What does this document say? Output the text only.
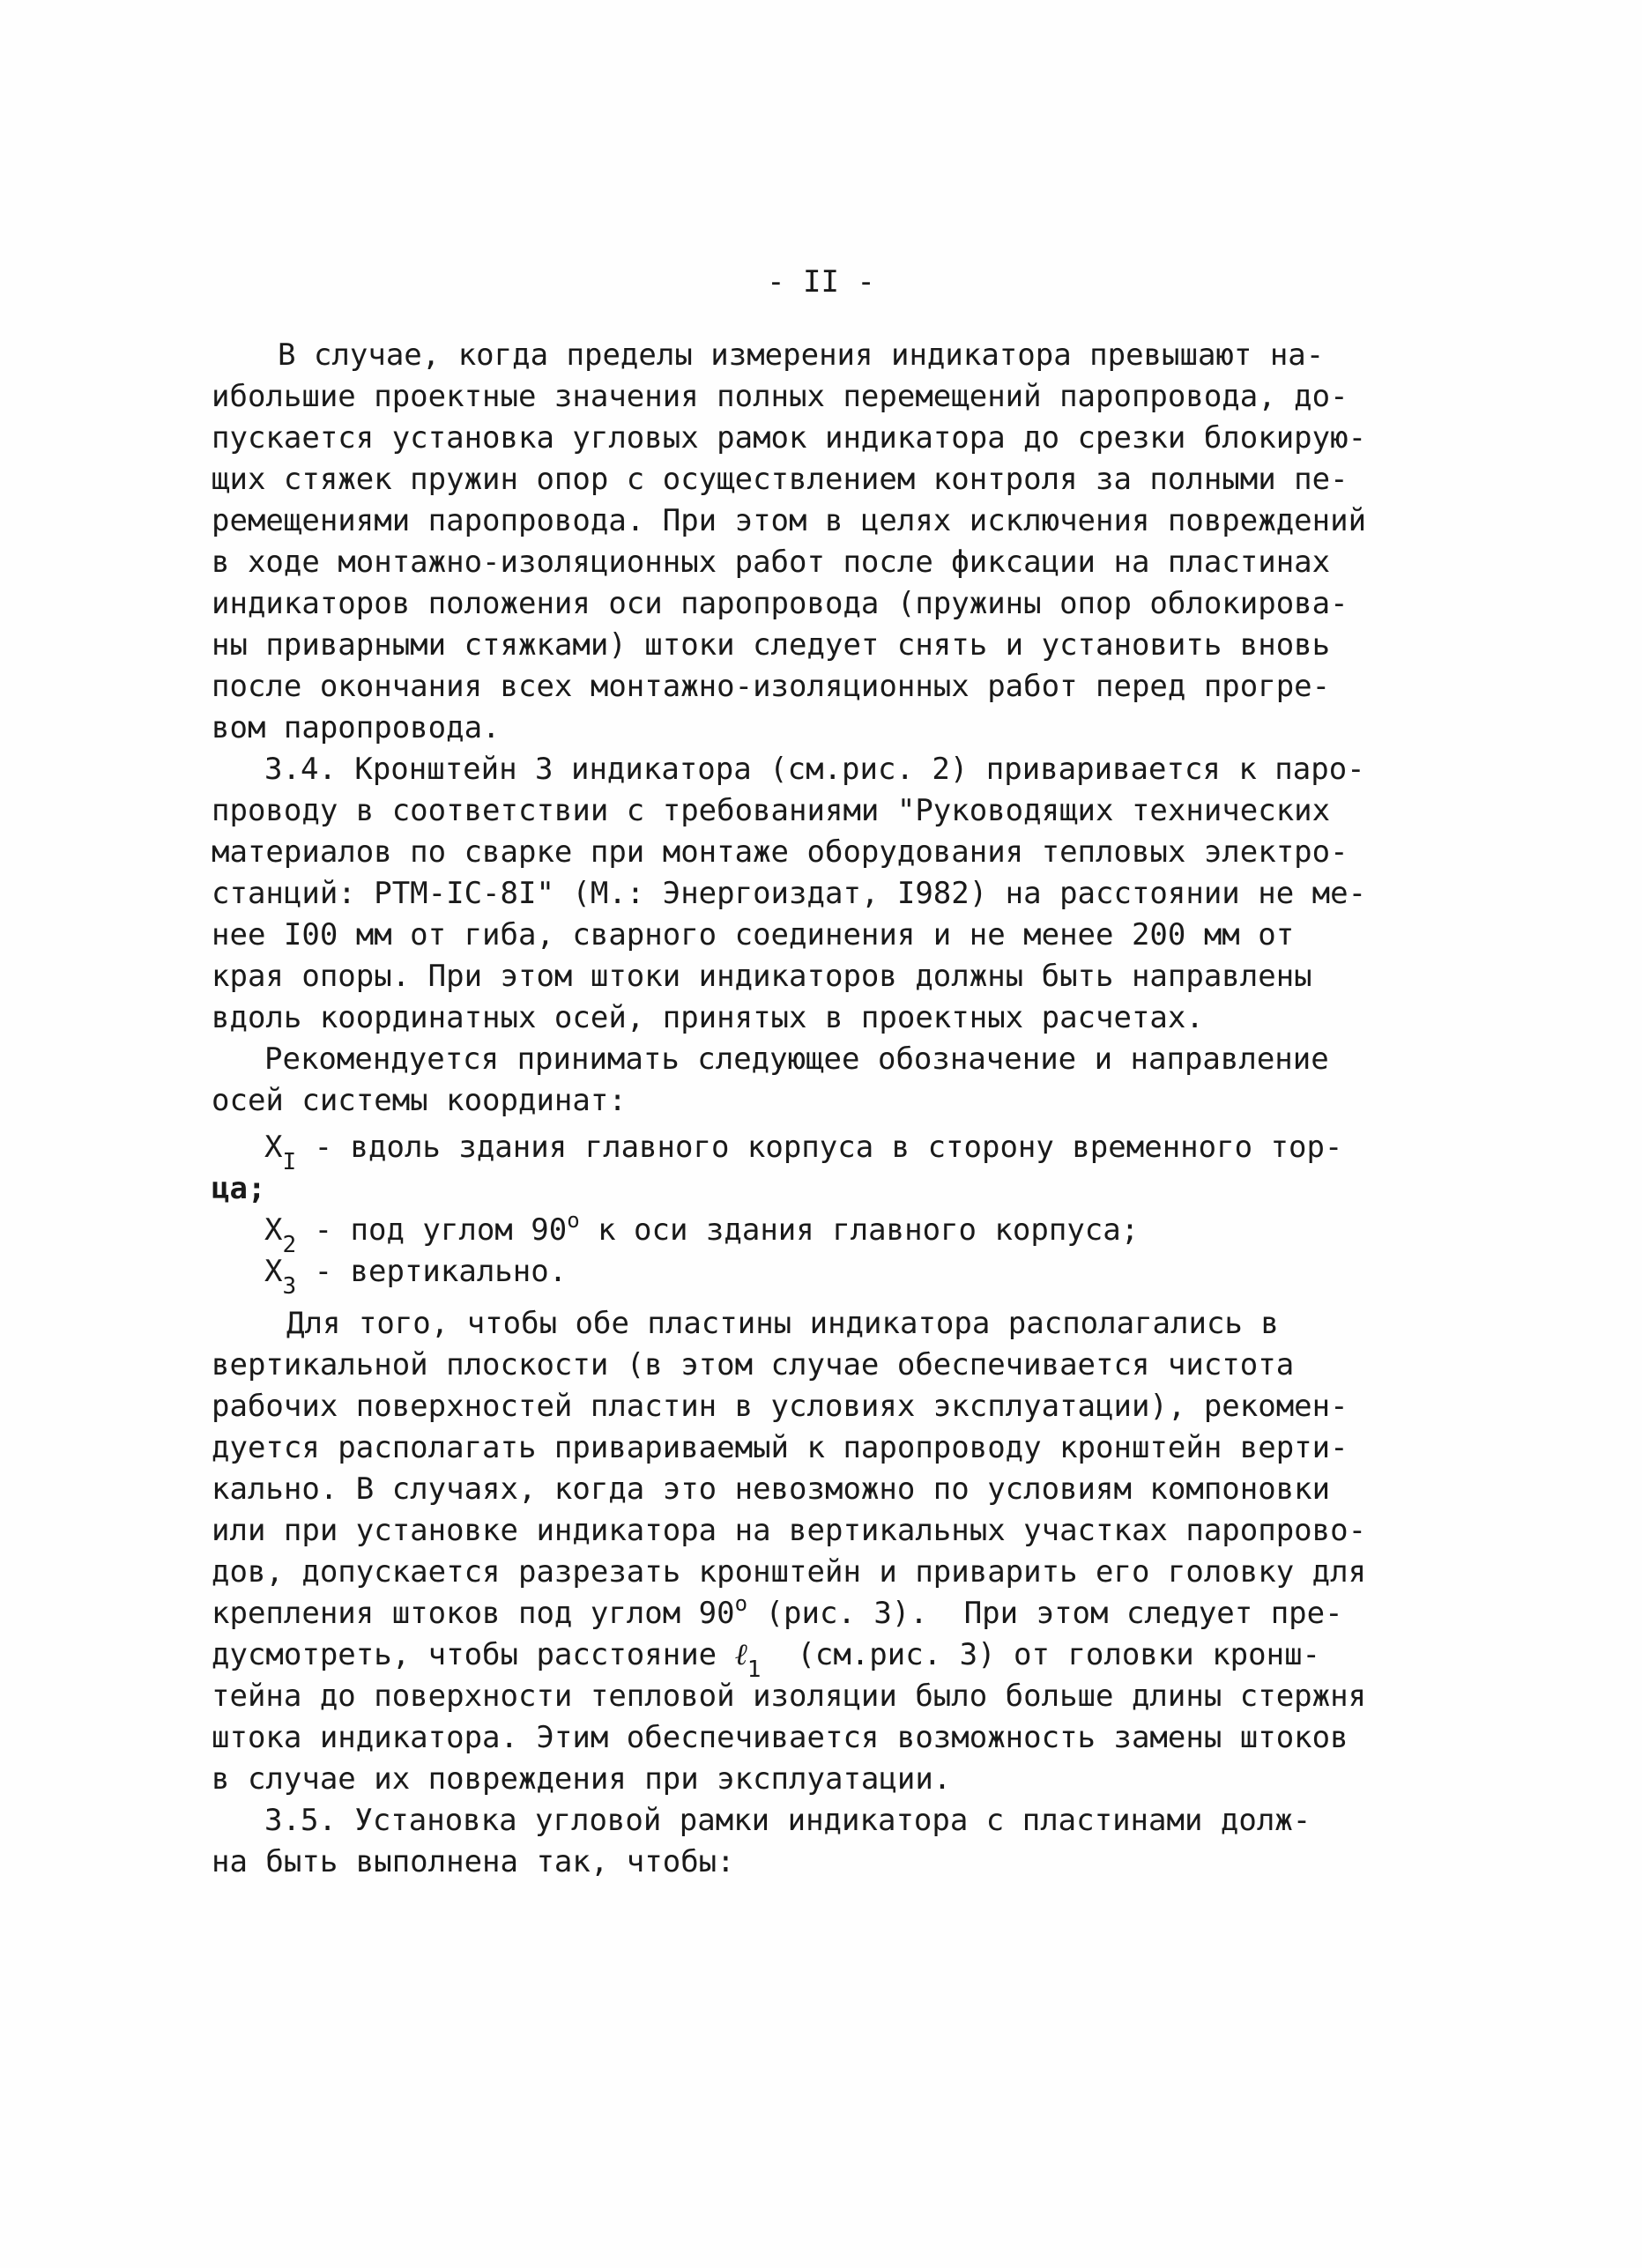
- II -
В случае, когда пределы измерения индикатора превышают на-
ибольшие проектные значения полных перемещений паропровода, до-
пускается установка угловых рамок индикатора до срезки блокирую-
щих стяжек пружин опор с осуществлением контроля за полными пе-
ремещениями паропровода. При этом в целях исключения повреждений
в ходе монтажно-изоляционных работ после фиксации на пластинах
индикаторов положения оси паропровода (пружины опор облокирова-
ны приварными стяжками) штоки следует снять и установить вновь
после окончания всех монтажно-изоляционных работ перед прогре-
вом паропровода.
3.4. Кронштейн 3 индикатора (см.рис. 2) приваривается к паро-
проводу в соответствии с требованиями "Руководящих технических
материалов по сварке при монтаже оборудования тепловых электро-
станций: РТМ-IC-8I" (М.: Энергоиздат, I982) на расстоянии не ме-
нее I00 мм от гиба, сварного соединения и не менее 200 мм от
края опоры. При этом штоки индикаторов должны быть направлены
вдоль координатных осей, принятых в проектных расчетах.
Рекомендуется принимать следующее обозначение и направление
осей системы координат:
$X_I$ - вдоль здания главного корпуса в сторону временного тор-
ца;
$X_2$ - под углом $90^о$ к оси здания главного корпуса;
$X_3$ - вертикально.
Для того, чтобы обе пластины индикатора располагались в
вертикальной плоскости (в этом случае обеспечивается чистота
рабочих поверхностей пластин в условиях эксплуатации), рекомен-
дуется располагать привариваемый к паропроводу кронштейн верти-
кально. В случаях, когда это невозможно по условиям компоновки
или при установке индикатора на вертикальных участках паропрово-
дов, допускается разрезать кронштейн и приварить его головку для
крепления штоков под углом $90^о$ (рис. 3).  При этом следует пре-
дусмотреть, чтобы расстояние ℓ$_1$  (см.рис. 3) от головки кронш-
тейна до поверхности тепловой изоляции было больше длины стержня
штока индикатора. Этим обеспечивается возможность замены штоков
в случае их повреждения при эксплуатации.
3.5. Установка угловой рамки индикатора с пластинами долж-
на быть выполнена так, чтобы:
